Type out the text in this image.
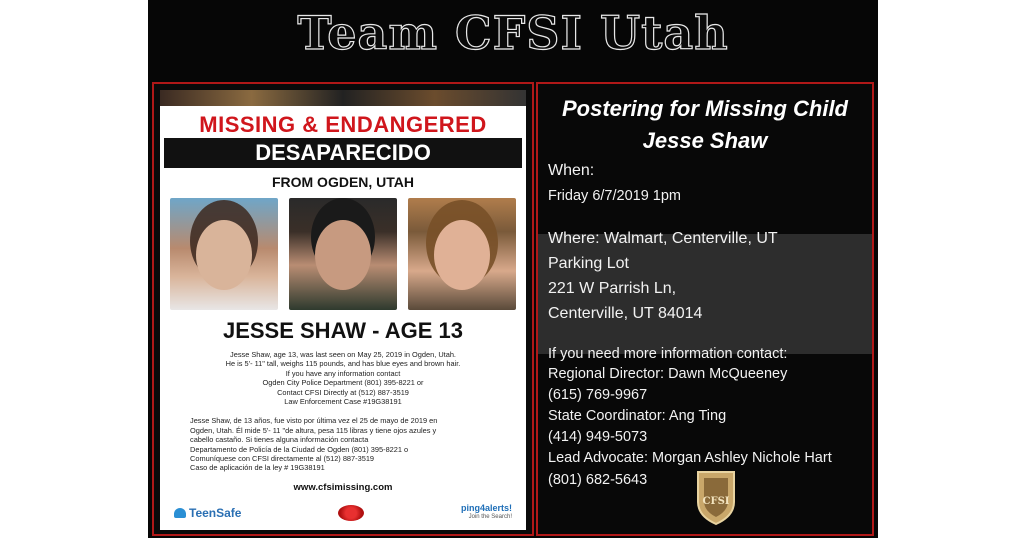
Team CFSI Utah
MISSING & ENDANGERED
DESAPARECIDO
FROM OGDEN, UTAH
JESSE SHAW - AGE 13
Jesse Shaw, age 13, was last seen on May 25, 2019 in Ogden, Utah.
He is 5'- 11" tall, weighs 115 pounds, and has blue eyes and brown hair.
If you have any information contact
Ogden City Police Department (801) 395-8221 or
Contact CFSI Directly at (512) 887-3519
Law Enforcement Case #19G38191
Jesse Shaw, de 13 años, fue visto por última vez el 25 de mayo de 2019 en
Ogden, Utah. Él mide 5'- 11 "de altura, pesa 115 libras y tiene ojos azules y
cabello castaño. Si tienes alguna información contacta
Departamento de Policía de la Ciudad de Ogden (801) 395-8221 o
Comuníquese con CFSI directamente al (512) 887-3519
Caso de aplicación de la ley # 19G38191
www.cfsimissing.com
TeenSafe	ping4alerts!
Join the Search!
Postering for Missing Child
Jesse Shaw
When:
Friday 6/7/2019 1pm
Where: Walmart, Centerville, UT
Parking Lot
221 W Parrish Ln,
Centerville, UT 84014
If you need more information contact:
Regional Director: Dawn McQueeney
(615) 769-9967
State Coordinator: Ang Ting
(414) 949-5073
Lead Advocate: Morgan Ashley Nichole Hart
(801) 682-5643
CFSI
